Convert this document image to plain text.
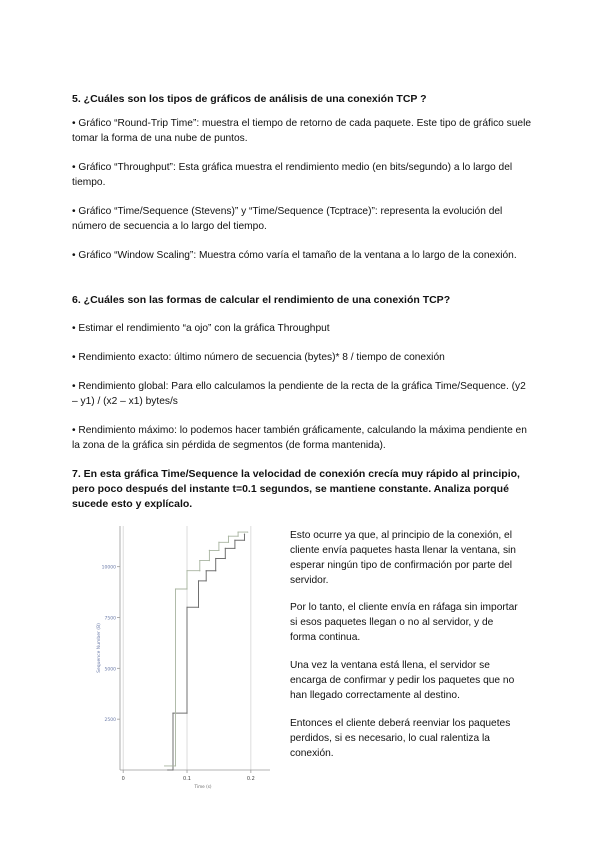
5. ¿Cuáles son los tipos de gráficos de análisis de una conexión TCP ?

• Gráfico “Round-Trip Time”: muestra el tiempo de retorno de cada paquete. Este tipo de gráfico suele tomar la forma de una nube de puntos.

• Gráfico “Throughput”: Esta gráfica muestra el rendimiento medio (en bits/segundo) a lo largo del tiempo.

• Gráfico “Time/Sequence (Stevens)” y “Time/Sequence (Tcptrace)”: representa la evolución del número de secuencia a lo largo del tiempo.

• Gráfico “Window Scaling”: Muestra cómo varía el tamaño de la ventana a lo largo de la conexión.

6. ¿Cuáles son las formas de calcular el rendimiento de una conexión TCP?

• Estimar el rendimiento “a ojo” con la gráfica Throughput

• Rendimiento exacto: último número de secuencia (bytes)* 8 / tiempo de conexión

• Rendimiento global: Para ello calculamos la pendiente de la recta de la gráfica Time/Sequence. (y2 – y1) / (x2 – x1) bytes/s

• Rendimiento máximo: lo podemos hacer también gráficamente, calculando la máxima pendiente en la zona de la gráfica sin pérdida de segmentos (de forma mantenida).

7. En esta gráfica Time/Sequence la velocidad de conexión crecía muy rápido al principio, pero poco después del instante t=0.1 segundos, se mantiene constante. Analiza porqué sucede esto y explícalo.

2500
5000
7500
10000
0	0.1	0.2
Time (s)
Sequence Number (B)

Esto ocurre ya que, al principio de la conexión, el cliente envía paquetes hasta llenar la ventana, sin esperar ningún tipo de confirmación por parte del servidor.

Por lo tanto, el cliente envía en ráfaga sin importar si esos paquetes llegan o no al servidor, y de forma continua.

Una vez la ventana está llena, el servidor se encarga de confirmar y pedir los paquetes que no han llegado correctamente al destino.

Entonces el cliente deberá reenviar los paquetes perdidos, si es necesario, lo cual ralentiza la conexión.
